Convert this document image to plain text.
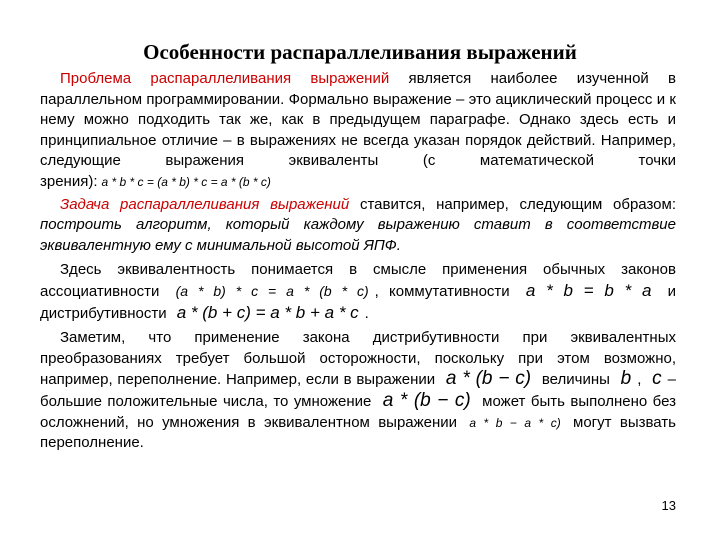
Особенности распараллеливания выражений

Проблема распараллеливания выражений является наиболее изученной в параллельном программировании. Формально выражение – это ациклический процесс и к нему можно подходить так же, как в предыдущем параграфе. Однако здесь есть и принципиальное отличие – в выражениях не всегда указан порядок действий. Например, следующие выражения эквиваленты (с математической точки зрения): a * b * c = (a * b) * c = a * (b * c)

Задача распараллеливания выражений ставится, например, следующим образом: построить алгоритм, который каждому выражению ставит в соответствие эквивалентную ему с минимальной высотой ЯПФ.

Здесь эквивалентность понимается в смысле применения обычных законов ассоциативности (a * b) * c = a * (b * c) , коммутативности a * b = b * a и дистрибутивности a * (b + c) = a * b + a * c .

Заметим, что применение закона дистрибутивности при эквивалентных преобразованиях требует большой осторожности, поскольку при этом возможно, например, переполнение. Например, если в выражении a * (b − c) величины b , c – большие положительные числа, то умножение a * (b − c) может быть выполнено без осложнений, но умножения в эквивалентном выражении a * b − a * c) могут вызвать переполнение.

13
